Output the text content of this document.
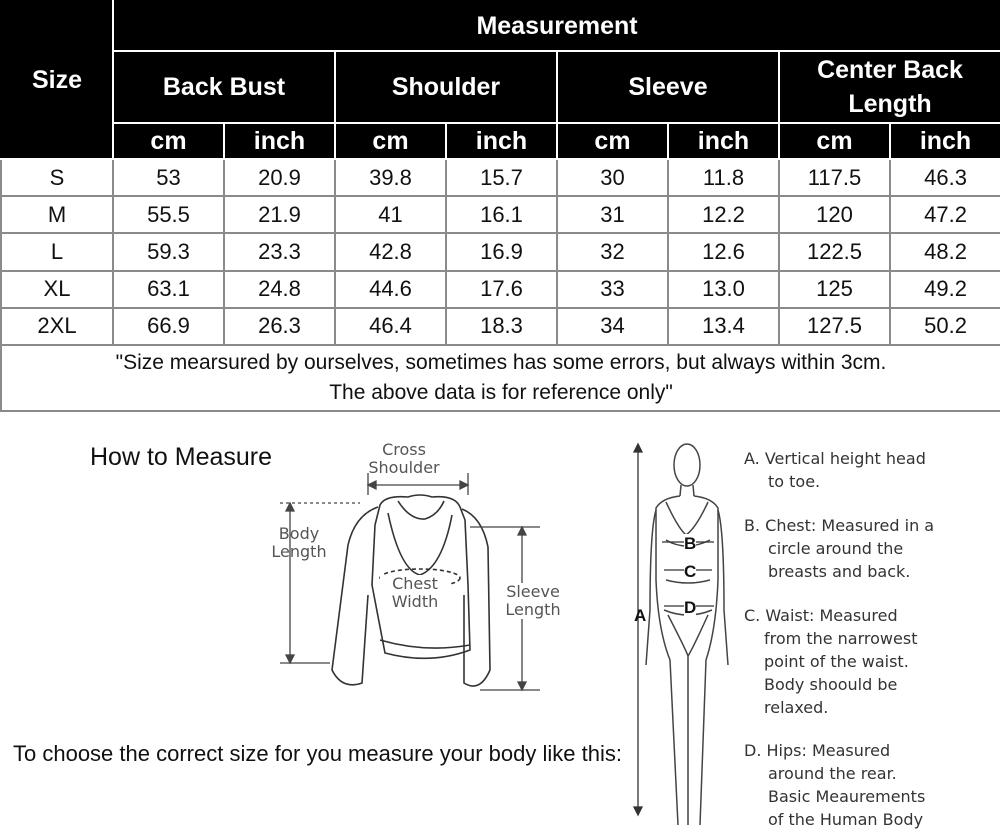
Size	Measurement							
	Back Bust		Shoulder		Sleeve		Center Back
Length	

	cm	inch	cm	inch	cm	inch	cm	inch
S	53	20.9	39.8	15.7	30	11.8	117.5	46.3
M	55.5	21.9	41	16.1	31	12.2	120	47.2
L	59.3	23.3	42.8	16.9	32	12.6	122.5	48.2
XL	63.1	24.8	44.6	17.6	33	13.0	125	49.2
2XL	66.9	26.3	46.4	18.3	34	13.4	127.5	50.2

"Size mearsured by ourselves, sometimes has some errors, but always within 3cm.
The above data is for reference only"								
How to Measure	Cross
Shoulder
Body
Length
Chest
Width
Sleeve
Length
To choose the correct size for you measure your body like this:
A
B
C
D
A. Vertical height head
to toe.
B. Chest: Measured in a
circle around the
breasts and back.
C. Waist: Measured
from the narrowest
point of the waist.
Body shoould be
relaxed.
D. Hips: Measured
around the rear.
Basic Meaurements
of the Human Body
